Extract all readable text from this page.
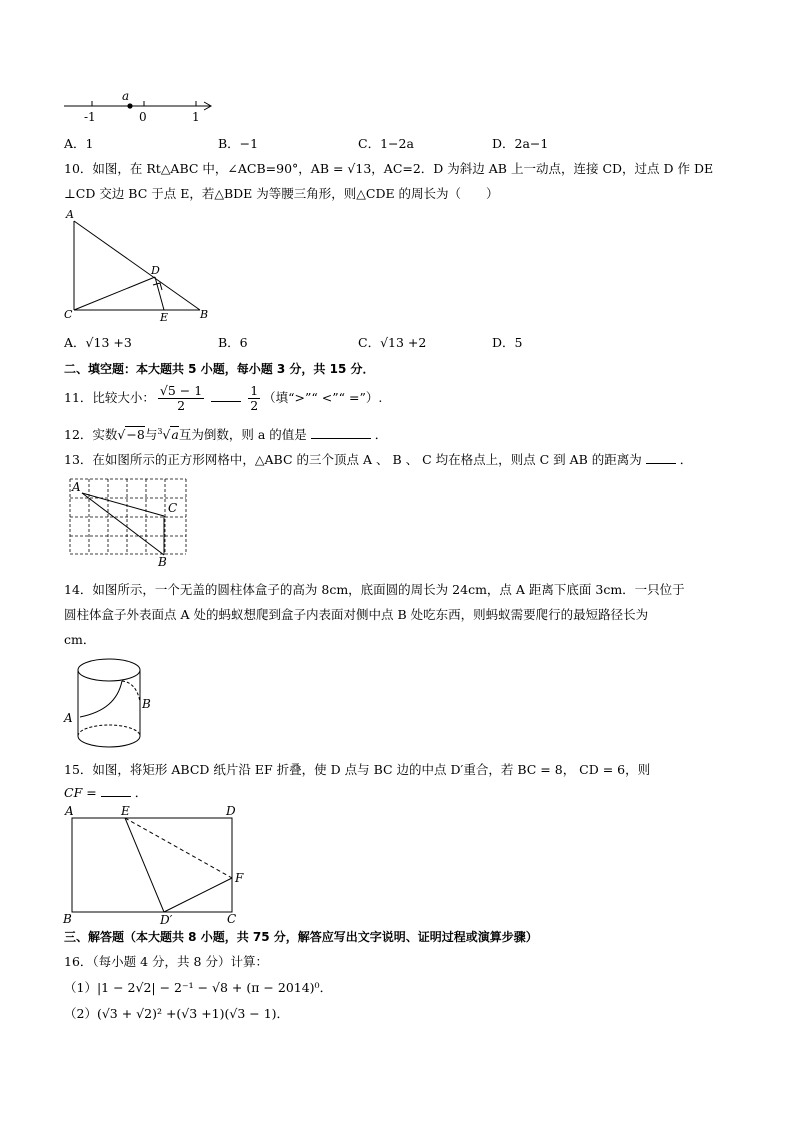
a
-1	0	1
A．1	B．−1	C．1−2a	D．2a−1
10．如图，在 Rt△ABC 中，∠ACB=90°，AB = √13，AC=2．D 为斜边 AB 上一动点，连接 CD，过点 D 作 DE
⊥CD 交边 BC 于点 E，若△BDE 为等腰三角形，则△CDE 的周长为（　　）
A
C	B
D
E
A．√13 +3	B．6	C．√13 +2	D．5
二、填空题：本大题共 5 小题，每小题 3 分，共 15 分．
11．比较大小： $\frac{√5 - 1}{2}$	$\frac{1}{2}$ （填“>”“ <”“ =”）.
12．实数√−8与$^3$√a互为倒数，则 a 的值是	．
13．在如图所示的正方形网格中，△ABC 的三个顶点 A 、 B 、 C 均在格点上，则点 C 到 AB 的距离为	．
A
C
B
14．如图所示，一个无盖的圆柱体盒子的高为 8cm，底面圆的周长为 24cm，点 A 距离下底面 3cm．一只位于
圆柱体盒子外表面点 A 处的蚂蚁想爬到盒子内表面对侧中点 B 处吃东西，则蚂蚁需要爬行的最短路径长为
cm．
A
B
15．如图，将矩形 ABCD 纸片沿 EF 折叠，使 D 点与 BC 边的中点 D′重合，若 BC = 8， CD = 6，则
CF =	．
A	E	D
F
B	D′	C
三、解答题（本大题共 8 小题，共 75 分，解答应写出文字说明、证明过程或演算步骤）
16．（每小题 4 分，共 8 分）计算：
（1）|1 − 2√2| − 2⁻¹ − √8 + (π − 2014)⁰．
（2）(√3 + √2)² +(√3 +1)(√3 − 1)．
